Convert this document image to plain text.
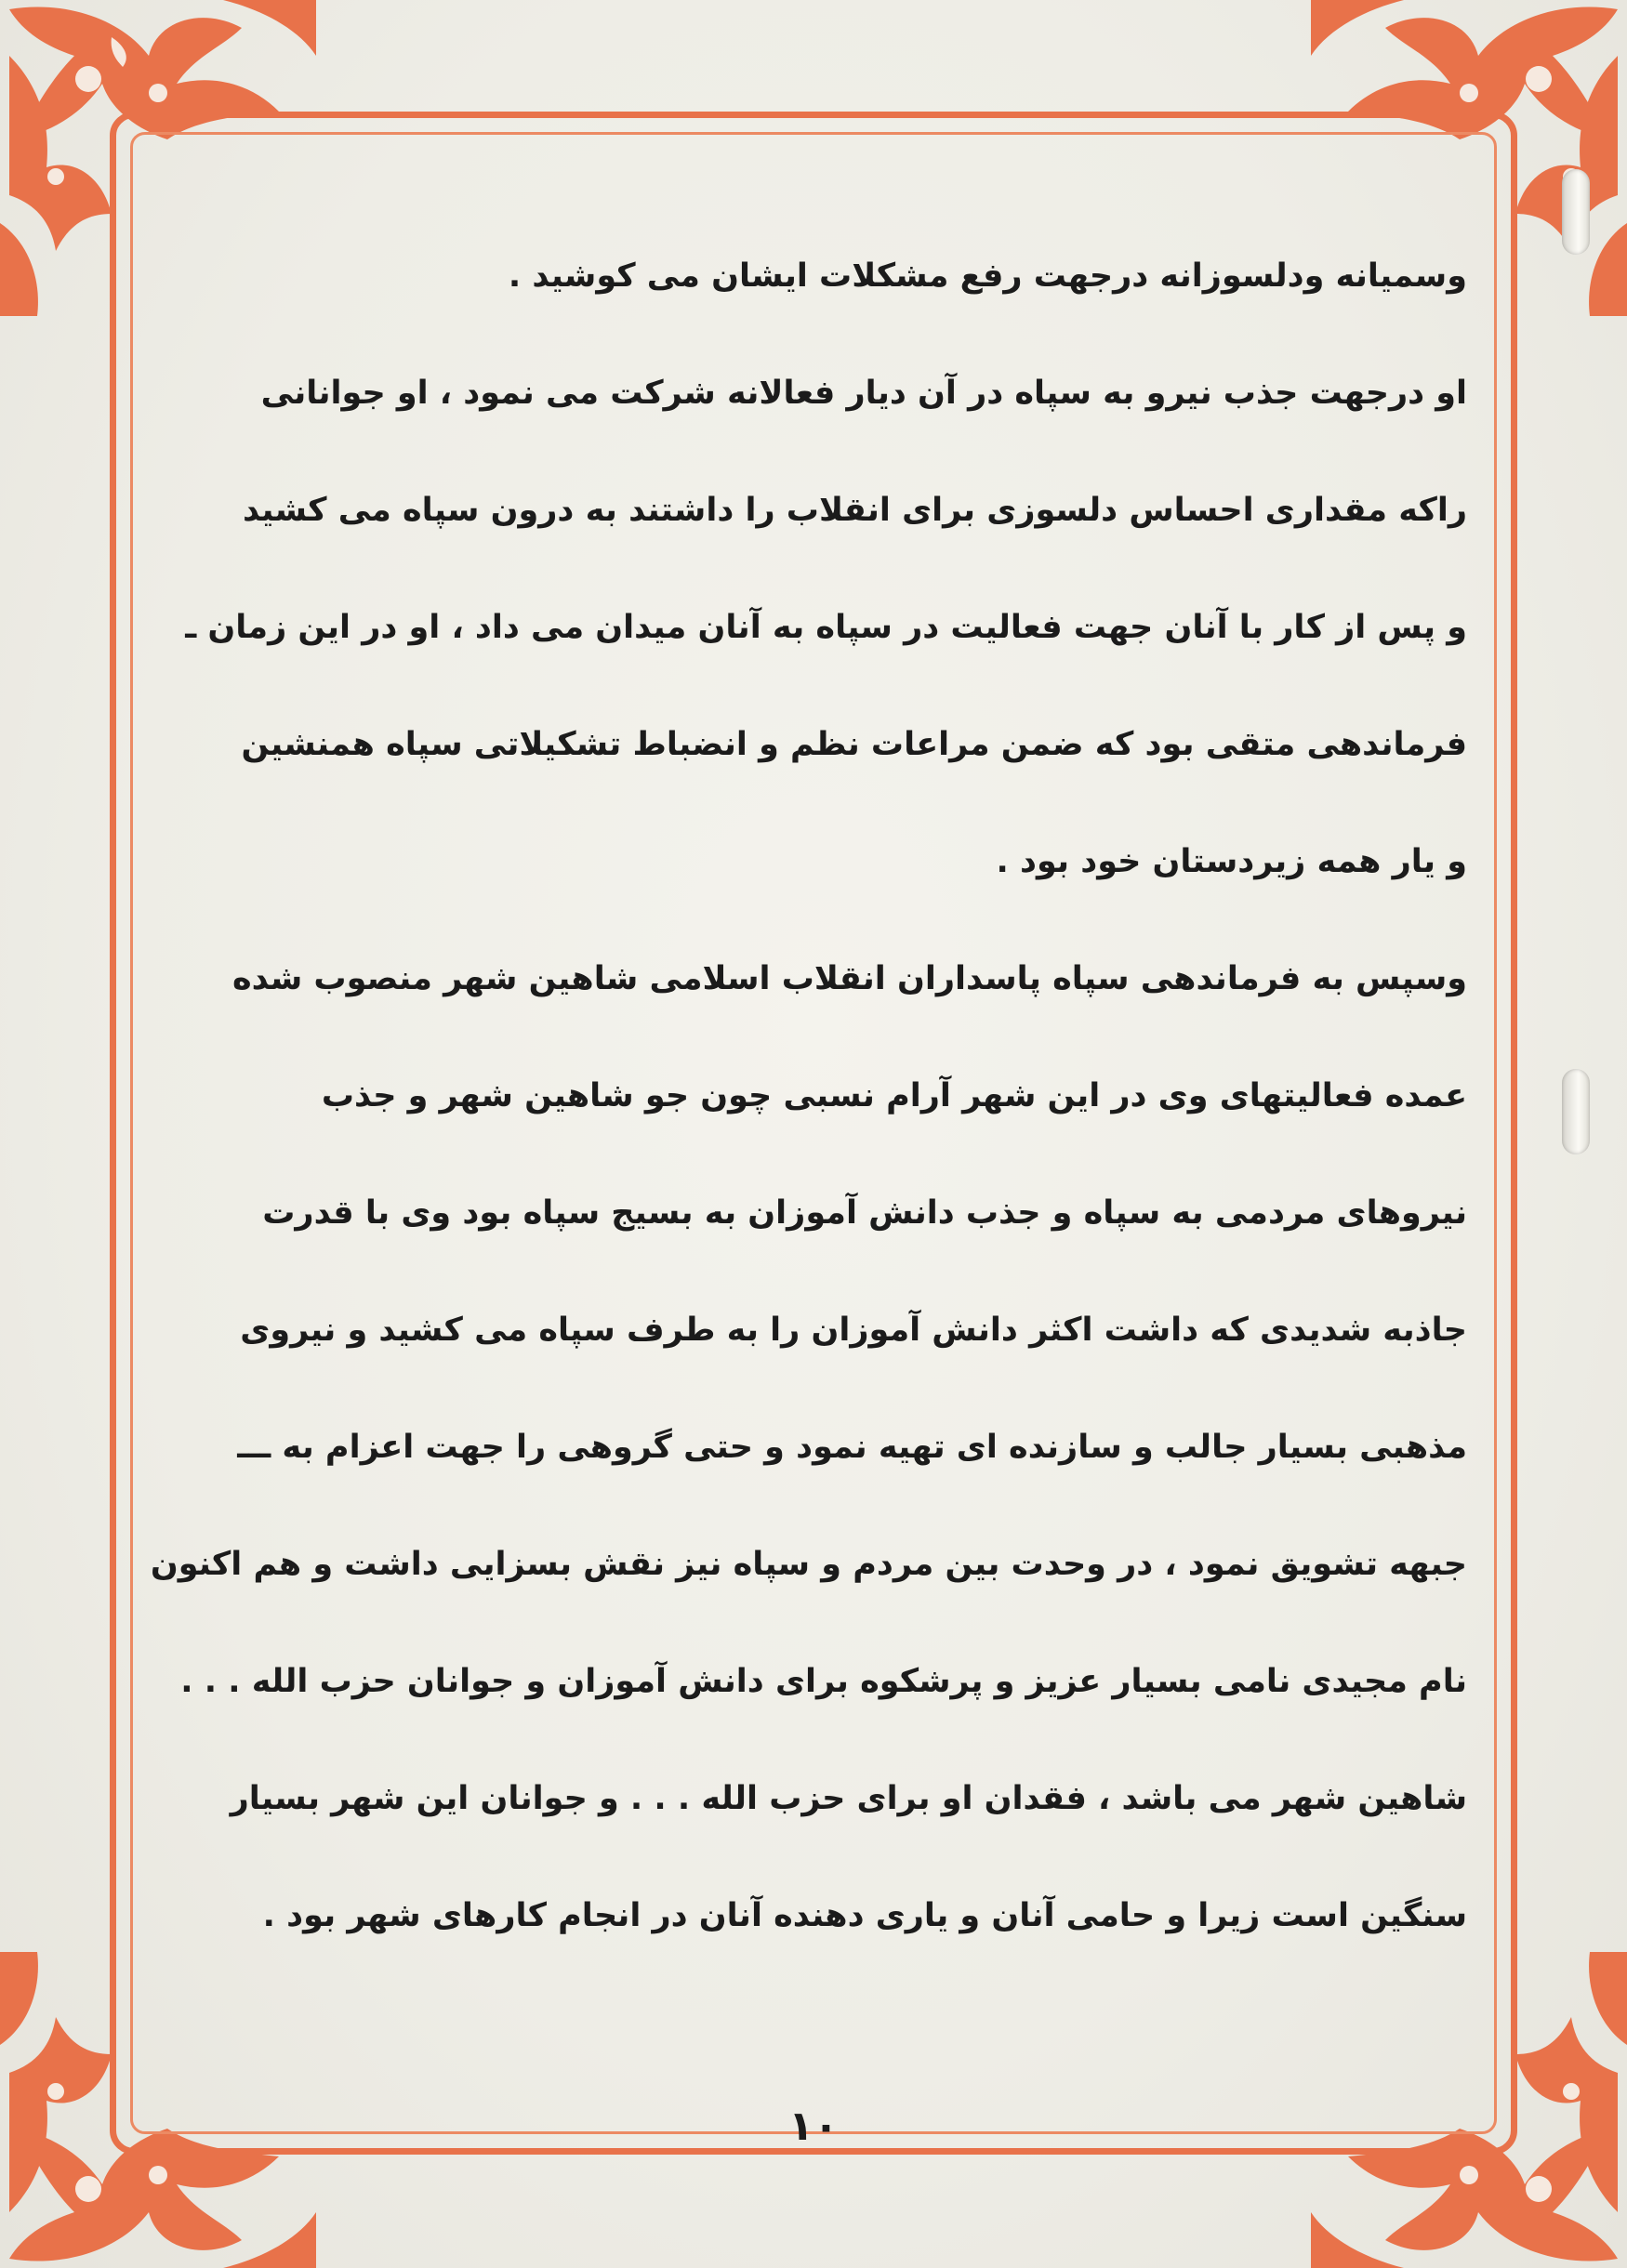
وسمیانه ودلسوزانه درجهت رفع مشکلات ایشان می کوشید .
او درجهت جذب نیرو به سپاه در آن دیار فعالانه شرکت می نمود ، او جوانانی
راکه مقداری احساس دلسوزی برای انقلاب را داشتند به درون سپاه می کشید
و پس از کار با آنان جهت فعالیت در سپاه به آنان میدان می داد ، او در این زمان ـ
فرماندهی متقی بود که ضمن مراعات نظم و انضباط تشکیلاتی سپاه همنشین
و یار همه زیردستان خود بود .
وسپس به فرماندهی سپاه پاسداران انقلاب اسلامی شاهین شهر منصوب شده
عمده فعالیتهای وی در این شهر آرام نسبی چون جو شاهین شهر و جذب
نیروهای مردمی به سپاه و جذب دانش آموزان به بسیج سپاه بود وی با قدرت
جاذبه شدیدی که داشت اکثر دانش آموزان را به طرف سپاه می کشید و نیروی
مذهبی بسیار جالب و سازنده ای تهیه نمود و حتی گروهی را جهت اعزام به ـــ
جبهه تشویق نمود ، در وحدت بین مردم و سپاه نیز نقش بسزایی داشت و هم اکنون
نام مجیدی نامی بسیار عزیز و پرشکوه برای دانش آموزان و جوانان حزب الله . . .
شاهین شهر می باشد ، فقدان او برای حزب الله . . . و جوانان این شهر بسیار
سنگین است زیرا و حامی آنان و یاری دهنده آنان در انجام کارهای شهر بود .
١٠
